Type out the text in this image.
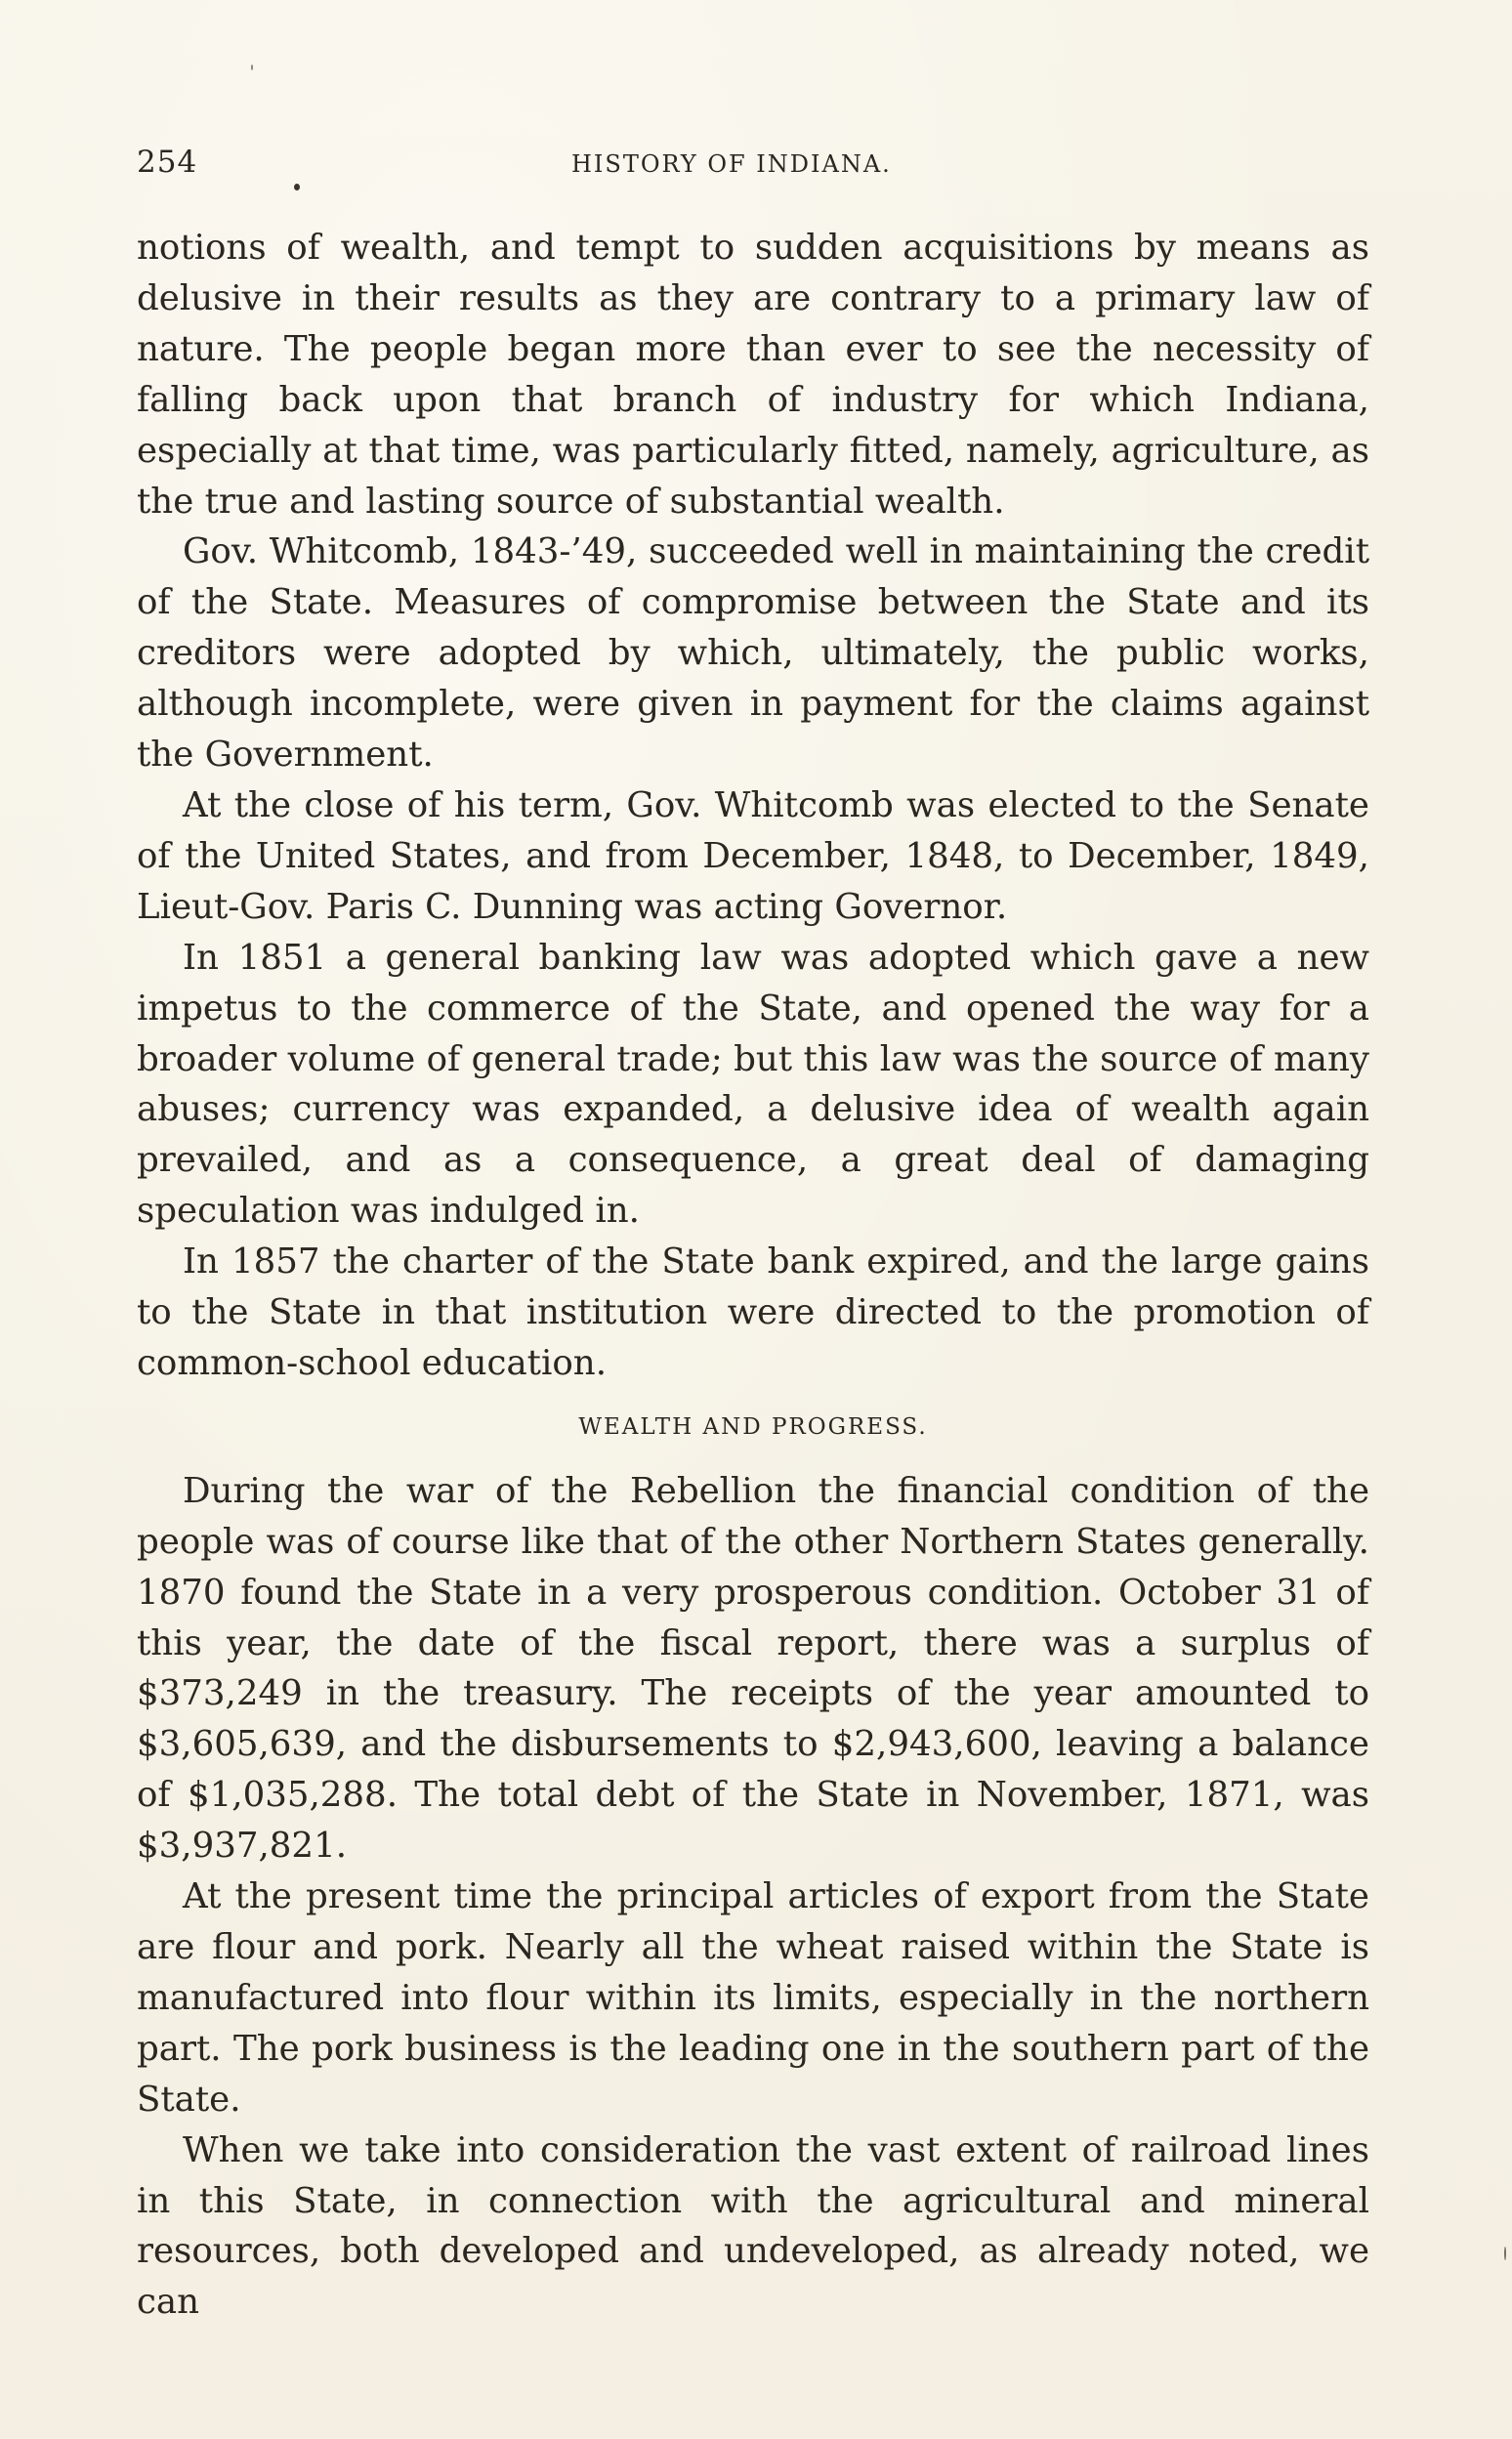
254	HISTORY OF INDIANA.

notions of wealth, and tempt to sudden acquisitions by means as delusive in their results as they are contrary to a primary law of nature. The people began more than ever to see the necessity of falling back upon that branch of industry for which Indiana, especially at that time, was particularly fitted, namely, agriculture, as the true and lasting source of substantial wealth.

Gov. Whitcomb, 1843-’49, succeeded well in maintaining the credit of the State. Measures of compromise between the State and its creditors were adopted by which, ultimately, the public works, although incomplete, were given in payment for the claims against the Government.

At the close of his term, Gov. Whitcomb was elected to the Senate of the United States, and from December, 1848, to December, 1849, Lieut-Gov. Paris C. Dunning was acting Governor.

In 1851 a general banking law was adopted which gave a new impetus to the commerce of the State, and opened the way for a broader volume of general trade; but this law was the source of many abuses; currency was expanded, a delusive idea of wealth again prevailed, and as a consequence, a great deal of damaging speculation was indulged in.

In 1857 the charter of the State bank expired, and the large gains to the State in that institution were directed to the promotion of common-school education.

WEALTH AND PROGRESS.

During the war of the Rebellion the financial condition of the people was of course like that of the other Northern States generally. 1870 found the State in a very prosperous condition. October 31 of this year, the date of the fiscal report, there was a surplus of $373,249 in the treasury. The receipts of the year amounted to $3,605,639, and the disbursements to $2,943,600, leaving a balance of $1,035,288. The total debt of the State in November, 1871, was $3,937,821.

At the present time the principal articles of export from the State are flour and pork. Nearly all the wheat raised within the State is manufactured into flour within its limits, especially in the northern part. The pork business is the leading one in the southern part of the State.

When we take into consideration the vast extent of railroad lines in this State, in connection with the agricultural and mineral resources, both developed and undeveloped, as already noted, we can
